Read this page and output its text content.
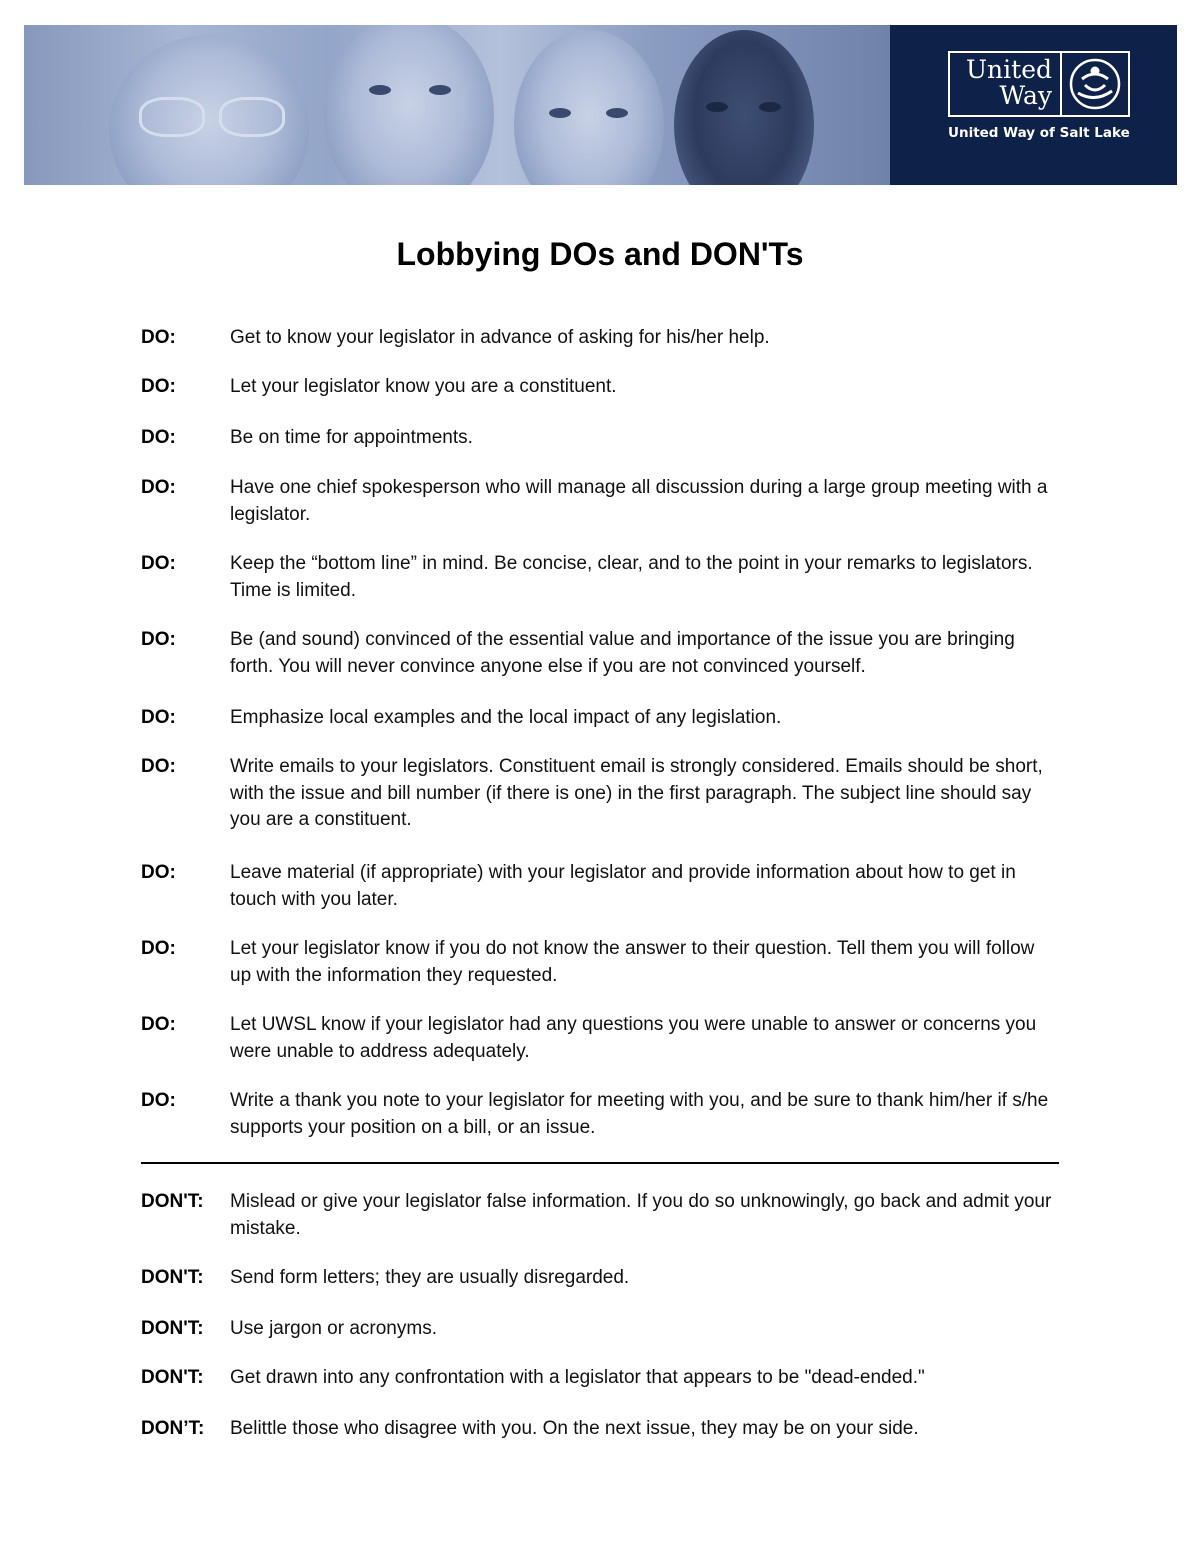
United
Way
United Way of Salt Lake
Lobbying DOs and DON'Ts
DO:	Get to know your legislator in advance of asking for his/her help.
DO:	Let your legislator know you are a constituent.
DO:	Be on time for appointments.
DO:	Have one chief spokesperson who will manage all discussion during a large group meeting with a legislator.
DO:	Keep the “bottom line” in mind. Be concise, clear, and to the point in your remarks to legislators. Time is limited.
DO:	Be (and sound) convinced of the essential value and importance of the issue you are bringing forth. You will never convince anyone else if you are not convinced yourself.
DO:	Emphasize local examples and the local impact of any legislation.
DO:	Write emails to your legislators. Constituent email is strongly considered. Emails should be short, with the issue and bill number (if there is one) in the first paragraph. The subject line should say you are a constituent.
DO:	Leave material (if appropriate) with your legislator and provide information about how to get in touch with you later.
DO:	Let your legislator know if you do not know the answer to their question. Tell them you will follow up with the information they requested.
DO:	Let UWSL know if your legislator had any questions you were unable to answer or concerns you were unable to address adequately.
DO:	Write a thank you note to your legislator for meeting with you, and be sure to thank him/her if s/he supports your position on a bill, or an issue.
DON'T: Mislead or give your legislator false information. If you do so unknowingly, go back and admit your mistake.
DON'T: Send form letters; they are usually disregarded.
DON'T: Use jargon or acronyms.
DON'T: Get drawn into any confrontation with a legislator that appears to be "dead-ended."
DON’T: Belittle those who disagree with you. On the next issue, they may be on your side.
